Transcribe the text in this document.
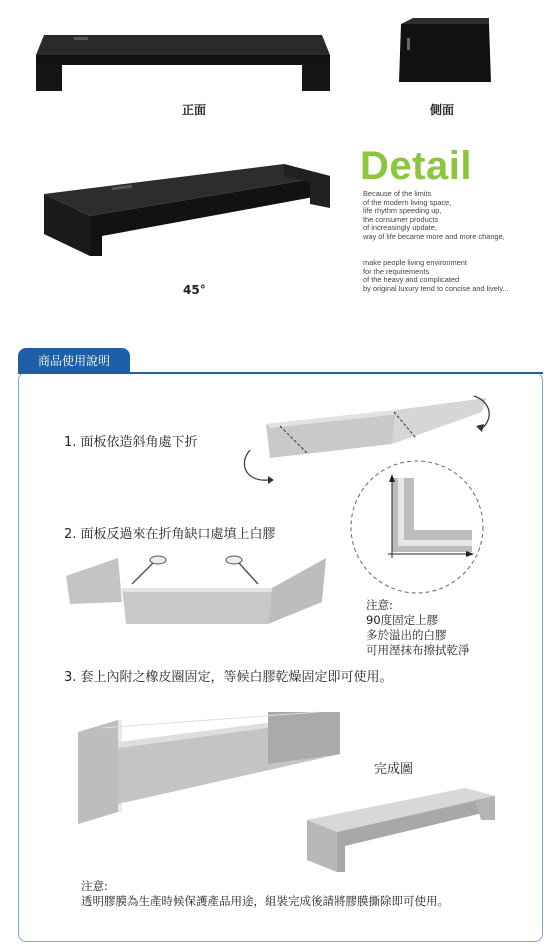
正面	側面
45°
Detail
Because of the limits
of the modern living space,
life rhythm speeding up,
the consumer products
of increasingly update,
way of life became more and more change,
make people living environment
for the requirements
of the heavy and complicated
by original luxury tend to concise and lively...
商品使用說明
1. 面板依造斜角處下折
2. 面板反過來在折角缺口處填上白膠
注意:
90度固定上膠
多於溢出的白膠
可用溼抹布擦拭乾淨
3. 套上內附之橡皮圈固定，等候白膠乾燥固定即可使用。
完成圖
注意:
透明膠膜為生產時候保護產品用途，組裝完成後請將膠膜撕除即可使用。
